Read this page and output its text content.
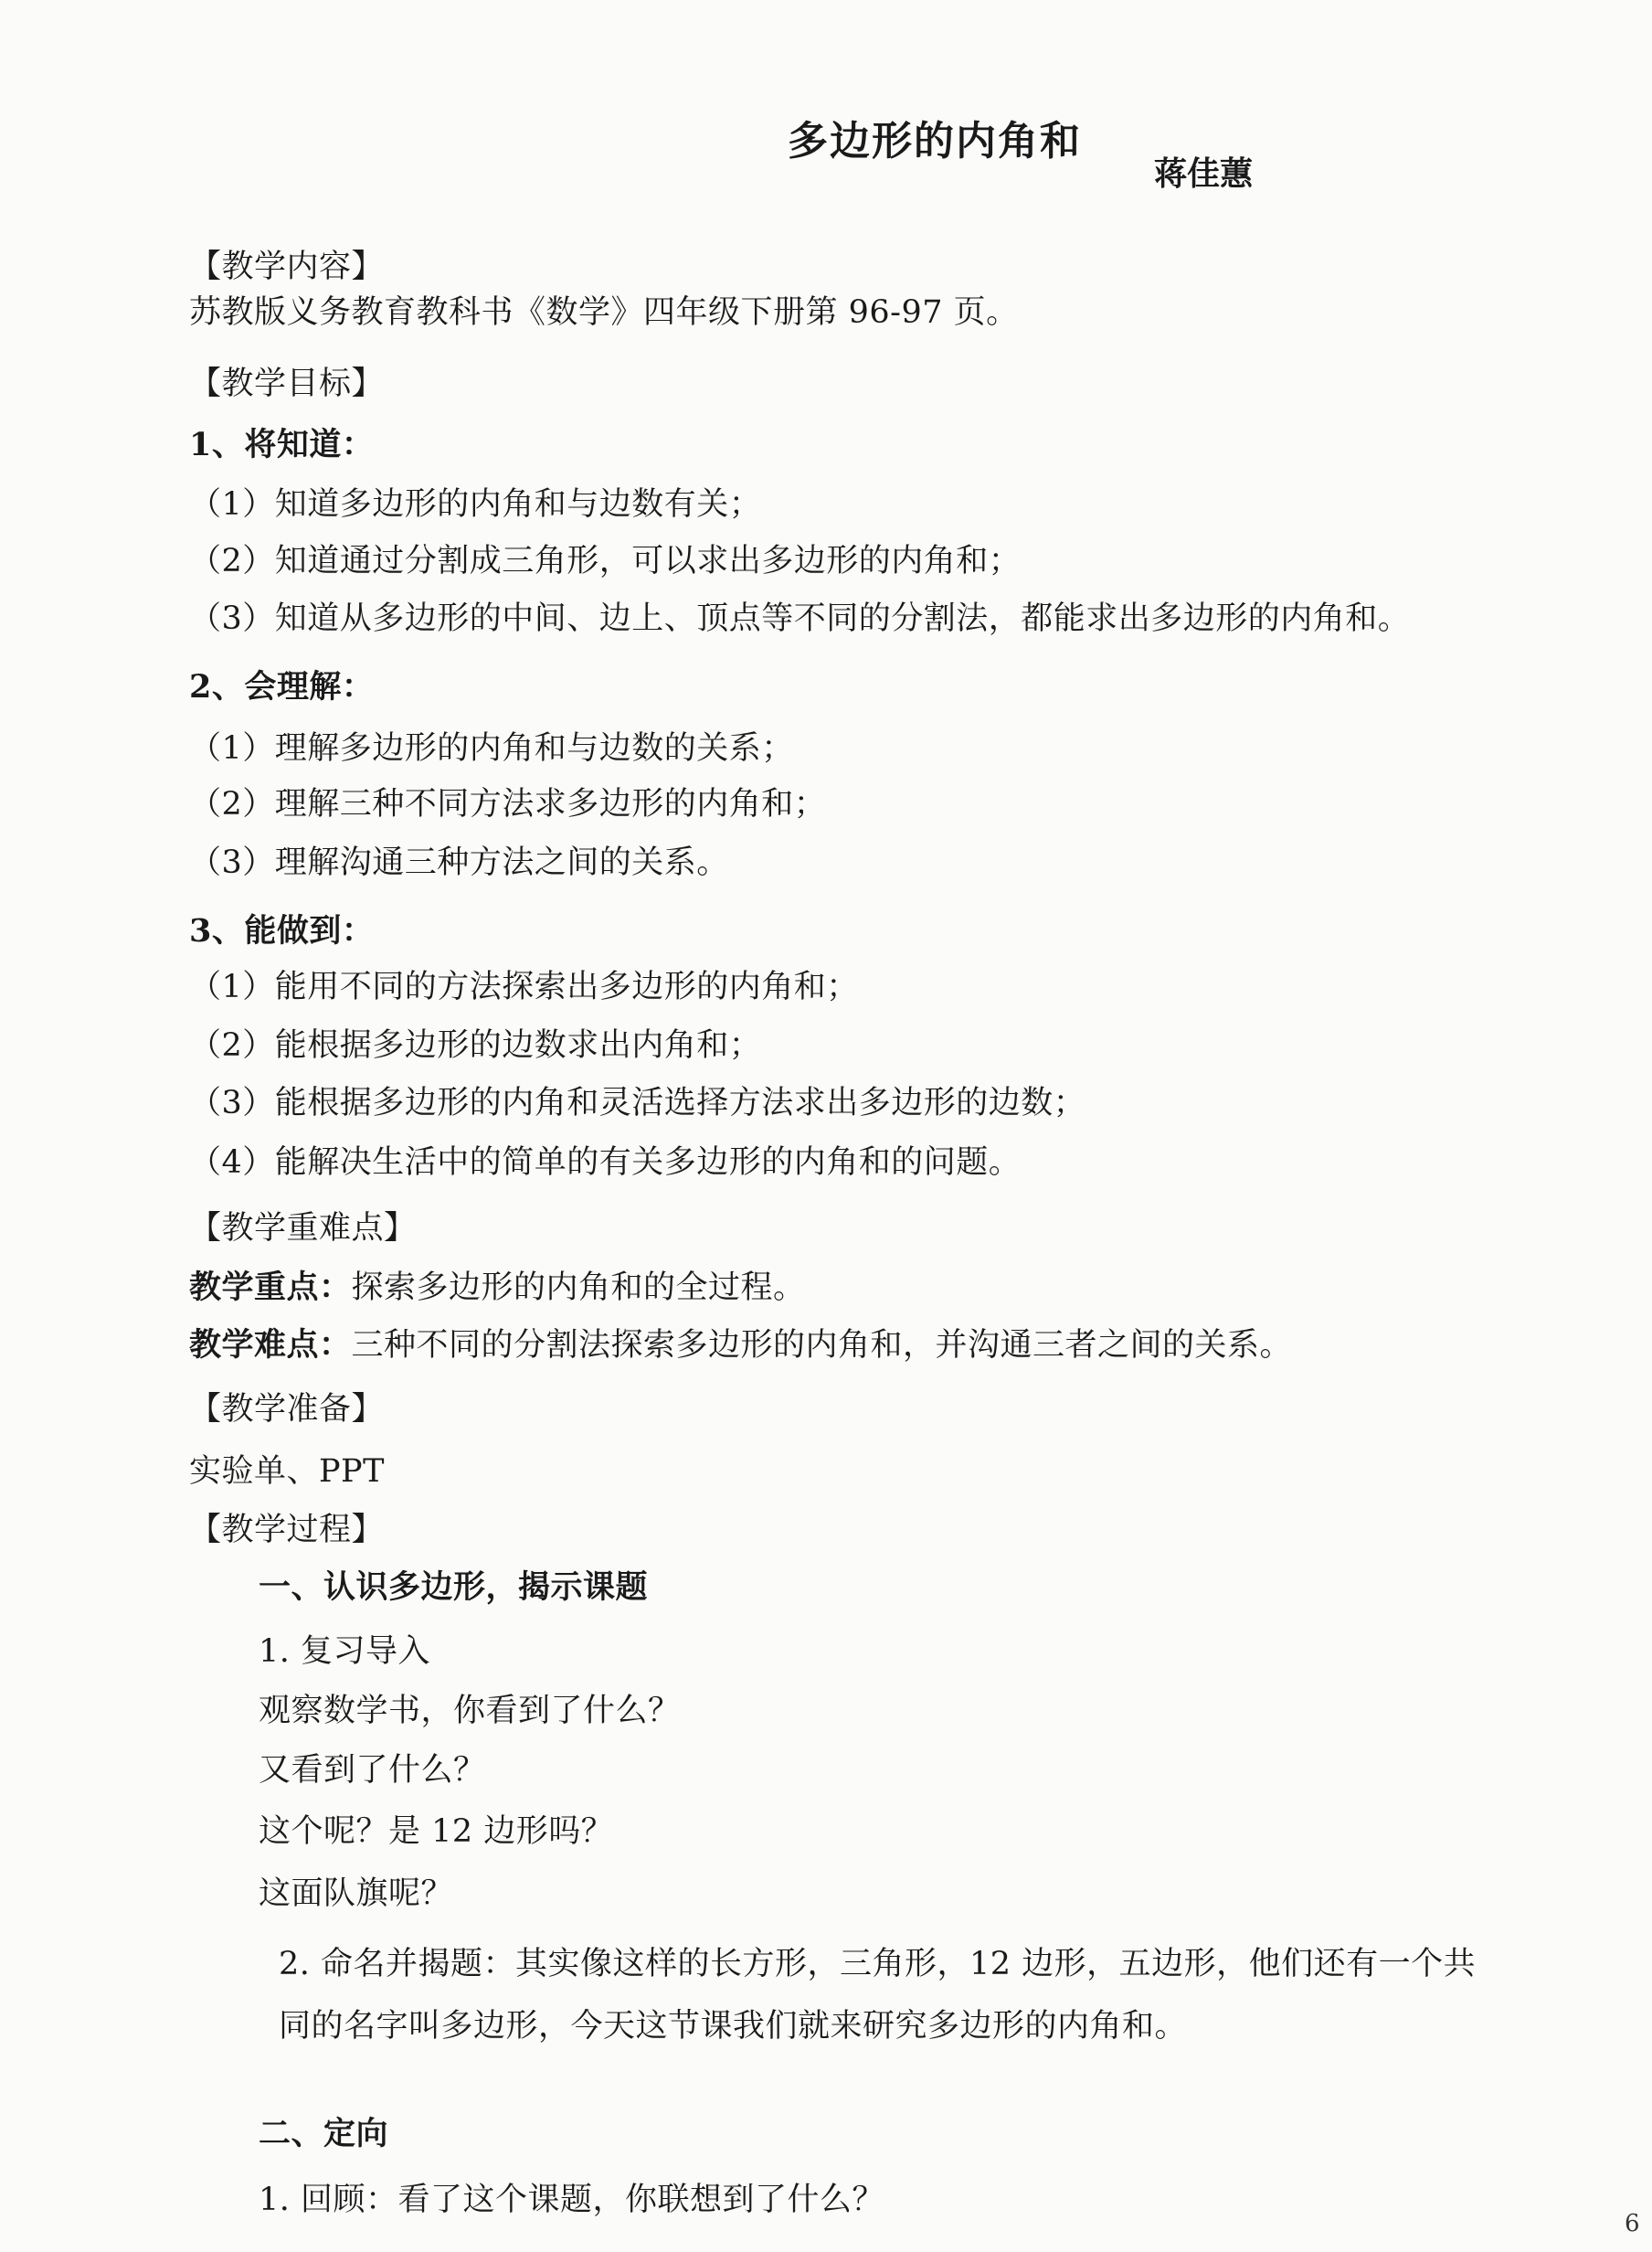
多边形的内角和
蒋佳蕙
【教学内容】
苏教版义务教育教科书《数学》四年级下册第 96-97 页。
【教学目标】
1、将知道：
（1）知道多边形的内角和与边数有关；
（2）知道通过分割成三角形，可以求出多边形的内角和；
（3）知道从多边形的中间、边上、顶点等不同的分割法，都能求出多边形的内角和。
2、会理解：
（1）理解多边形的内角和与边数的关系；
（2）理解三种不同方法求多边形的内角和；
（3）理解沟通三种方法之间的关系。
3、能做到：
（1）能用不同的方法探索出多边形的内角和；
（2）能根据多边形的边数求出内角和；
（3）能根据多边形的内角和灵活选择方法求出多边形的边数；
（4）能解决生活中的简单的有关多边形的内角和的问题。
【教学重难点】
教学重点：探索多边形的内角和的全过程。
教学难点：三种不同的分割法探索多边形的内角和，并沟通三者之间的关系。
【教学准备】
实验单、PPT
【教学过程】
一、认识多边形，揭示课题
1. 复习导入
观察数学书，你看到了什么？
又看到了什么？
这个呢？是 12 边形吗？
这面队旗呢？
2. 命名并揭题：其实像这样的长方形，三角形，12 边形，五边形，他们还有一个共
同的名字叫多边形，今天这节课我们就来研究多边形的内角和。
二、定向
1. 回顾：看了这个课题，你联想到了什么？
6
